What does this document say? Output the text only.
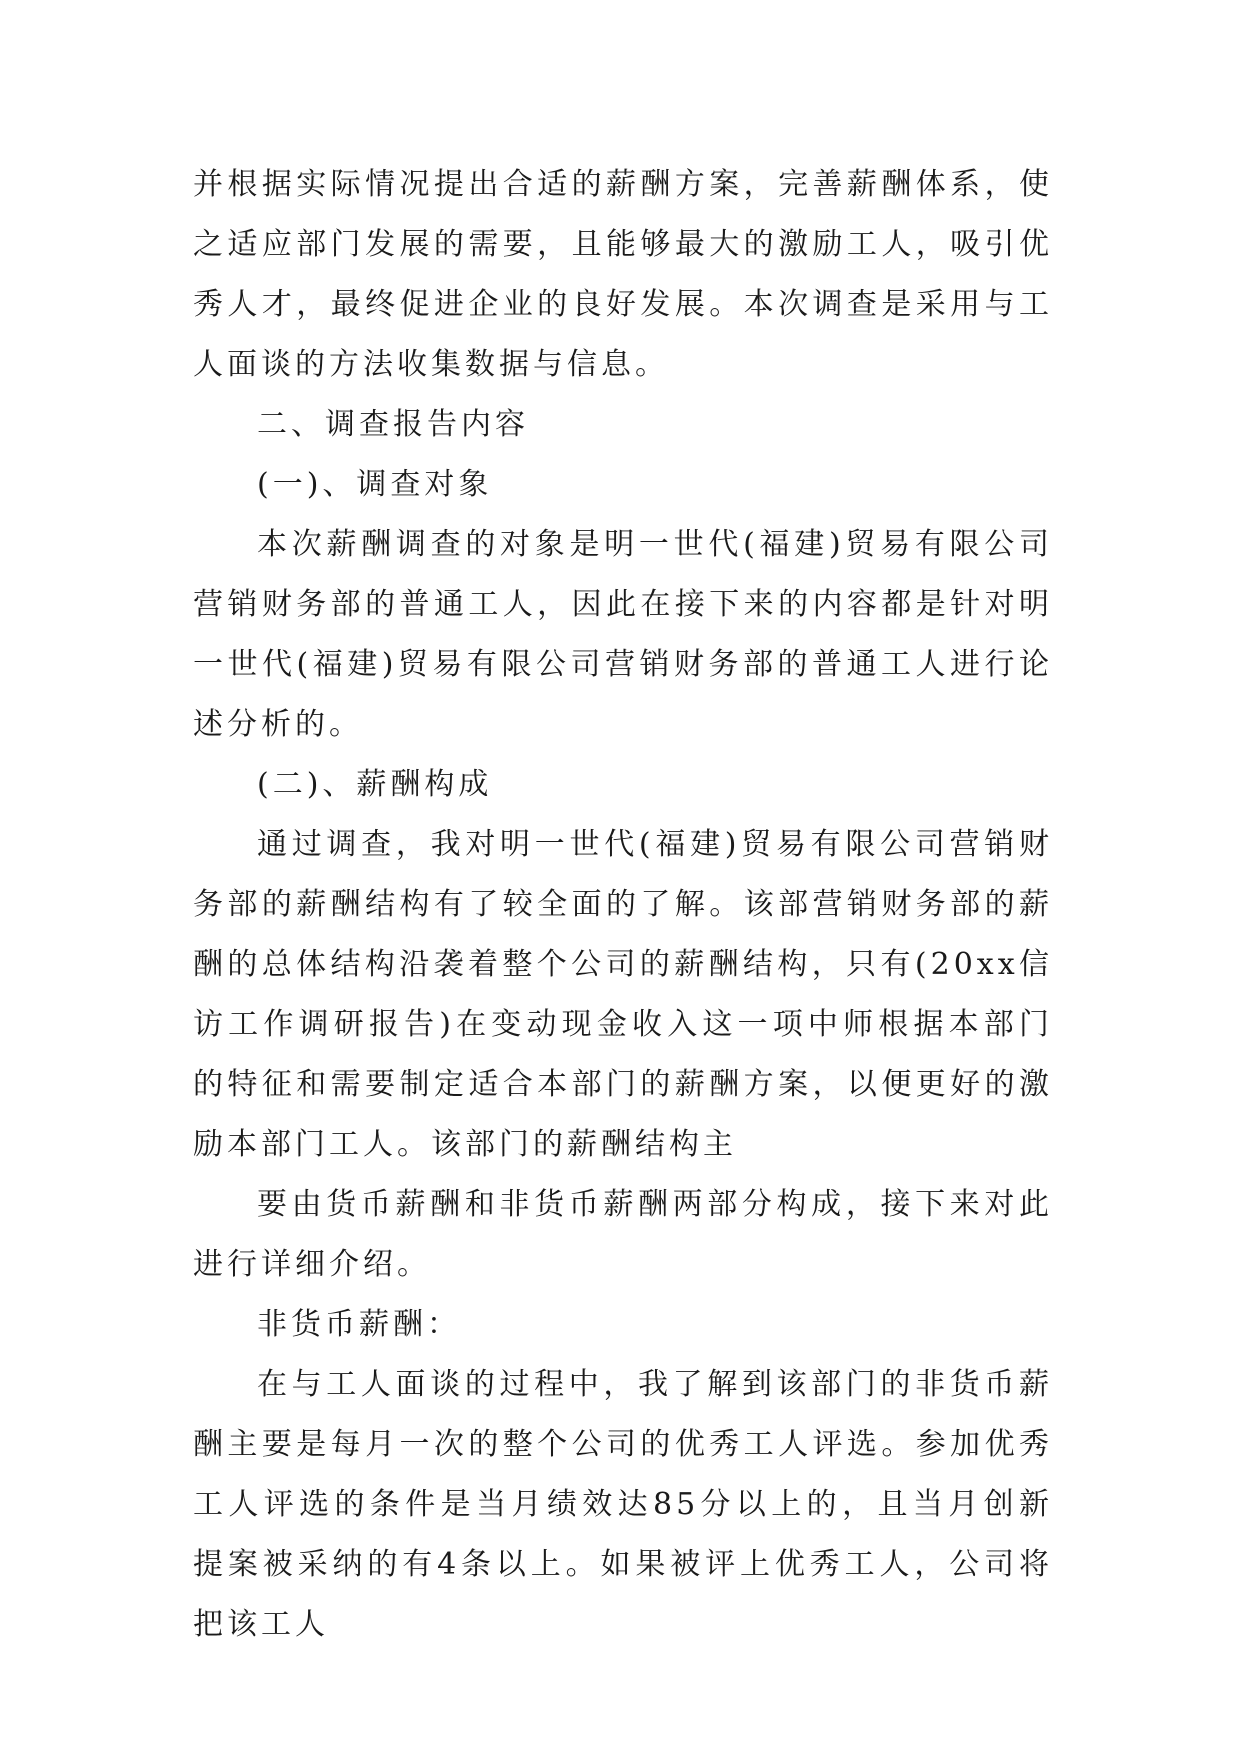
并根据实际情况提出合适的薪酬方案，完善薪酬体系，使之适应部门发展的需要，且能够最大的激励工人，吸引优秀人才，最终促进企业的良好发展。本次调查是采用与工人面谈的方法收集数据与信息。

二、调查报告内容

(一)、调查对象

本次薪酬调查的对象是明一世代(福建)贸易有限公司营销财务部的普通工人，因此在接下来的内容都是针对明一世代(福建)贸易有限公司营销财务部的普通工人进行论述分析的。

(二)、薪酬构成

通过调查，我对明一世代(福建)贸易有限公司营销财务部的薪酬结构有了较全面的了解。该部营销财务部的薪酬的总体结构沿袭着整个公司的薪酬结构，只有(20xx信访工作调研报告)在变动现金收入这一项中师根据本部门的特征和需要制定适合本部门的薪酬方案，以便更好的激励本部门工人。该部门的薪酬结构主

要由货币薪酬和非货币薪酬两部分构成，接下来对此进行详细介绍。

非货币薪酬：

在与工人面谈的过程中，我了解到该部门的非货币薪酬主要是每月一次的整个公司的优秀工人评选。参加优秀工人评选的条件是当月绩效达85分以上的，且当月创新提案被采纳的有4条以上。如果被评上优秀工人，公司将把该工人
